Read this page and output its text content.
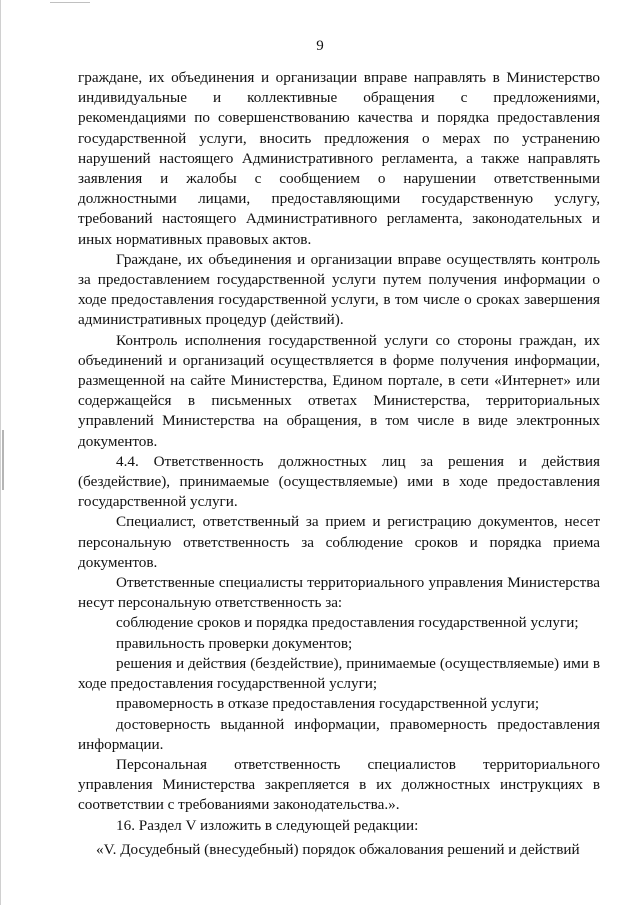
9

граждане, их объединения и организации вправе направлять в Министерство индивидуальные и коллективные обращения с предложениями, рекомендациями по совершенствованию качества и порядка предоставления государственной услуги, вносить предложения о мерах по устранению нарушений настоящего Административного регламента, а также направлять заявления и жалобы с сообщением о нарушении ответственными должностными лицами, предоставляющими государственную услугу, требований настоящего Административного регламента, законодательных и иных нормативных правовых актов.

Граждане, их объединения и организации вправе осуществлять контроль за предоставлением государственной услуги путем получения информации о ходе предоставления государственной услуги, в том числе о сроках завершения административных процедур (действий).

Контроль исполнения государственной услуги со стороны граждан, их объединений и организаций осуществляется в форме получения информации, размещенной на сайте Министерства, Едином портале, в сети «Интернет» или содержащейся в письменных ответах Министерства, территориальных управлений Министерства на обращения, в том числе в виде электронных документов.

4.4. Ответственность должностных лиц за решения и действия (бездействие), принимаемые (осуществляемые) ими в ходе предоставления государственной услуги.

Специалист, ответственный за прием и регистрацию документов, несет персональную ответственность за соблюдение сроков и порядка приема документов.

Ответственные специалисты территориального управления Министерства несут персональную ответственность за:

соблюдение сроков и порядка предоставления государственной услуги;

правильность проверки документов;

решения и действия (бездействие), принимаемые (осуществляемые) ими в ходе предоставления государственной услуги;

правомерность в отказе предоставления государственной услуги;

достоверность выданной информации, правомерность предоставления информации.

Персональная ответственность специалистов территориального управления Министерства закрепляется в их должностных инструкциях в соответствии с требованиями законодательства.».

16. Раздел V изложить в следующей редакции:

«V. Досудебный (внесудебный) порядок обжалования решений и действий
